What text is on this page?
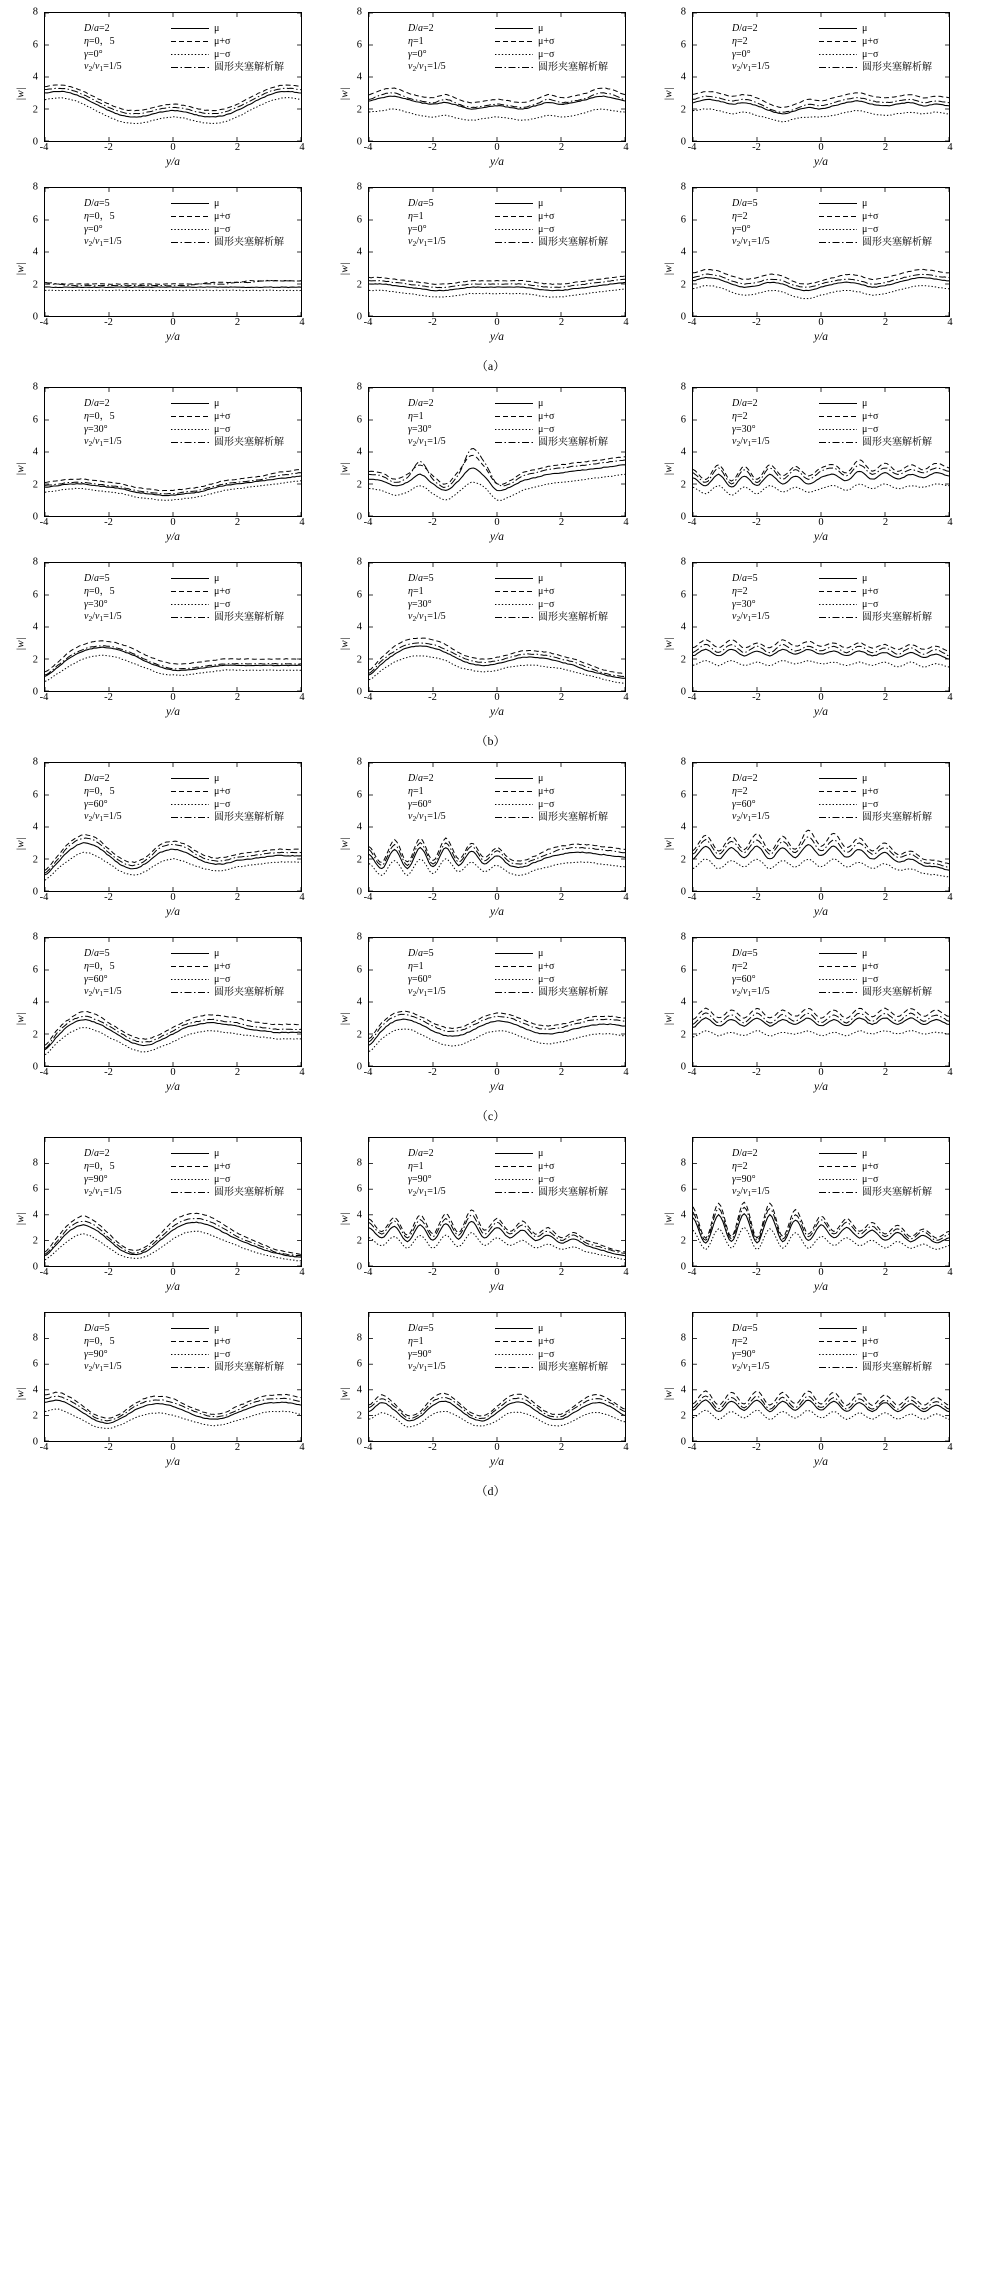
|w|
0
2
4
6
8
D/a=2	μ
η=0，5	μ+σ
γ=0°	μ−σ
$v_2/v_1=1/5$	圆形夹塞解析解
-4	-2	0	2	4
y/a
|w|
0
2
4
6
8
D/a=2	μ
η=1	μ+σ
γ=0°	μ−σ
$v_2/v_1=1/5$	圆形夹塞解析解
-4	-2	0	2	4
y/a
|w|
0
2
4
6
8
D/a=2	μ
η=2	μ+σ
γ=0°	μ−σ
$v_2/v_1=1/5$	圆形夹塞解析解
-4	-2	0	2	4
y/a
|w|
0
2
4
6
8
D/a=5	μ
η=0，5	μ+σ
γ=0°	μ−σ
$v_2/v_1=1/5$	圆形夹塞解析解
-4	-2	0	2	4
y/a
|w|
0
2
4
6
8
D/a=5	μ
η=1	μ+σ
γ=0°	μ−σ
$v_2/v_1=1/5$	圆形夹塞解析解
-4	-2	0	2	4
y/a
|w|
0
2
4
6
8
D/a=5	μ
η=2	μ+σ
γ=0°	μ−σ
$v_2/v_1=1/5$	圆形夹塞解析解
-4	-2	0	2	4
y/a
（a）
|w|
0
2
4
6
8
D/a=2	μ
η=0，5	μ+σ
γ=30°	μ−σ
$v_2/v_1=1/5$	圆形夹塞解析解
-4	-2	0	2	4
y/a
|w|
0
2
4
6
8
D/a=2	μ
η=1	μ+σ
γ=30°	μ−σ
$v_2/v_1=1/5$	圆形夹塞解析解
-4	-2	0	2	4
y/a
|w|
0
2
4
6
8
D/a=2	μ
η=2	μ+σ
γ=30°	μ−σ
$v_2/v_1=1/5$	圆形夹塞解析解
-4	-2	0	2	4
y/a
|w|
0
2
4
6
8
D/a=5	μ
η=0，5	μ+σ
γ=30°	μ−σ
$v_2/v_1=1/5$	圆形夹塞解析解
-4	-2	0	2	4
y/a
|w|
0
2
4
6
8
D/a=5	μ
η=1	μ+σ
γ=30°	μ−σ
$v_2/v_1=1/5$	圆形夹塞解析解
-4	-2	0	2	4
y/a
|w|
0
2
4
6
8
D/a=5	μ
η=2	μ+σ
γ=30°	μ−σ
$v_2/v_1=1/5$	圆形夹塞解析解
-4	-2	0	2	4
y/a
（b）
|w|
0
2
4
6
8
D/a=2	μ
η=0，5	μ+σ
γ=60°	μ−σ
$v_2/v_1=1/5$	圆形夹塞解析解
-4	-2	0	2	4
y/a
|w|
0
2
4
6
8
D/a=2	μ
η=1	μ+σ
γ=60°	μ−σ
$v_2/v_1=1/5$	圆形夹塞解析解
-4	-2	0	2	4
y/a
|w|
0
2
4
6
8
D/a=2	μ
η=2	μ+σ
γ=60°	μ−σ
$v_2/v_1=1/5$	圆形夹塞解析解
-4	-2	0	2	4
y/a
|w|
0
2
4
6
8
D/a=5	μ
η=0，5	μ+σ
γ=60°	μ−σ
$v_2/v_1=1/5$	圆形夹塞解析解
-4	-2	0	2	4
y/a
|w|
0
2
4
6
8
D/a=5	μ
η=1	μ+σ
γ=60°	μ−σ
$v_2/v_1=1/5$	圆形夹塞解析解
-4	-2	0	2	4
y/a
|w|
0
2
4
6
8
D/a=5	μ
η=2	μ+σ
γ=60°	μ−σ
$v_2/v_1=1/5$	圆形夹塞解析解
-4	-2	0	2	4
y/a
（c）
|w|
0
2
4
6
8
D/a=2	μ
η=0，5	μ+σ
γ=90°	μ−σ
$v_2/v_1=1/5$	圆形夹塞解析解
-4	-2	0	2	4
y/a
|w|
0
2
4
6
8
D/a=2	μ
η=1	μ+σ
γ=90°	μ−σ
$v_2/v_1=1/5$	圆形夹塞解析解
-4	-2	0	2	4
y/a
|w|
0
2
4
6
8
D/a=2	μ
η=2	μ+σ
γ=90°	μ−σ
$v_2/v_1=1/5$	圆形夹塞解析解
-4	-2	0	2	4
y/a
|w|
0
2
4
6
8
D/a=5	μ
η=0，5	μ+σ
γ=90°	μ−σ
$v_2/v_1=1/5$	圆形夹塞解析解
-4	-2	0	2	4
y/a
|w|
0
2
4
6
8
D/a=5	μ
η=1	μ+σ
γ=90°	μ−σ
$v_2/v_1=1/5$	圆形夹塞解析解
-4	-2	0	2	4
y/a
|w|
0
2
4
6
8
D/a=5	μ
η=2	μ+σ
γ=90°	μ−σ
$v_2/v_1=1/5$	圆形夹塞解析解
-4	-2	0	2	4
y/a
（d）
